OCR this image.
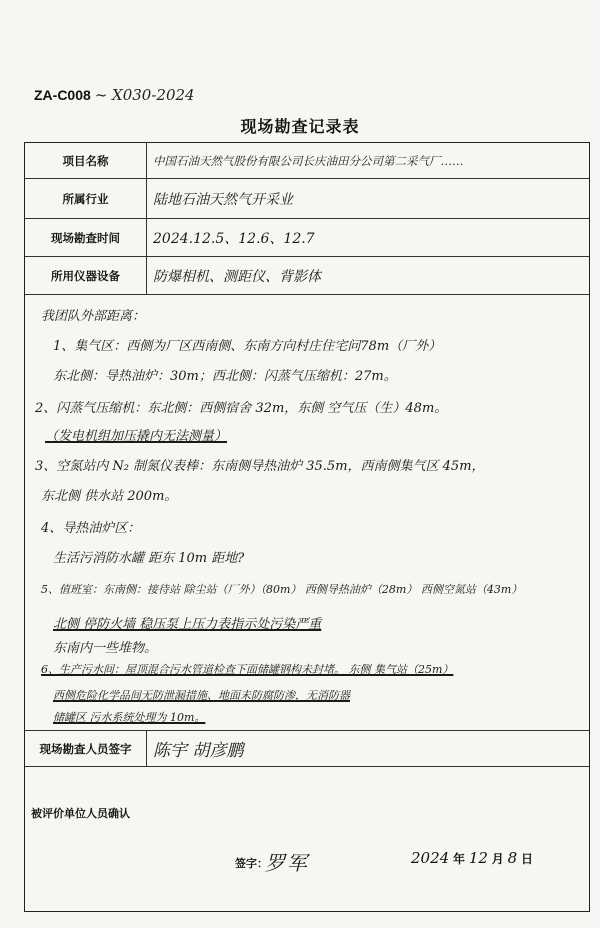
ZA-C008 ~ X030-2024
现场勘查记录表
项目名称	中国石油天然气股份有限公司长庆油田分公司第二采气厂……
所属行业	陆地石油天然气开采业
现场勘查时间	2024.12.5、12.6、12.7
所用仪器设备	防爆相机、测距仪、背影体
我团队外部距离：
1、集气区：西侧为厂区西南侧、东南方向村庄住宅问78m（厂外）
东北侧：导热油炉：30m；西北侧：闪蒸气压缩机：27m。
2、闪蒸气压缩机：东北侧：西侧宿舍 32m，东侧 空气压（生）48m。
（发电机组加压撬内无法测量）
3、空氮站内 N₂ 制氮仪表棒：东南侧导热油炉 35.5m，西南侧集气区 45m，
东北侧 供水站 200m。
4、导热油炉区：
生活污消防水罐 距东 10m 距地?
5、值班室：东南侧：接待站 除尘站（厂外）（80m） 西侧导热油炉（28m） 西侧空氮站（43m）
北侧 停防火墙 稳压泵上压力表指示处污染严重
东南内一些堆物。
6、生产污水间：屋顶混合污水管道检查下面储罐钢构未封堵。 东侧 集气站（25m）
西侧危险化学品间无防泄漏措施、地面未防腐防渗，无消防器
储罐区 污水系统处理为 10m。
现场勘查人员签字	陈宇 胡彦鹏
被评价单位人员确认
签字：
罗军	2024 年 12 月 8 日
